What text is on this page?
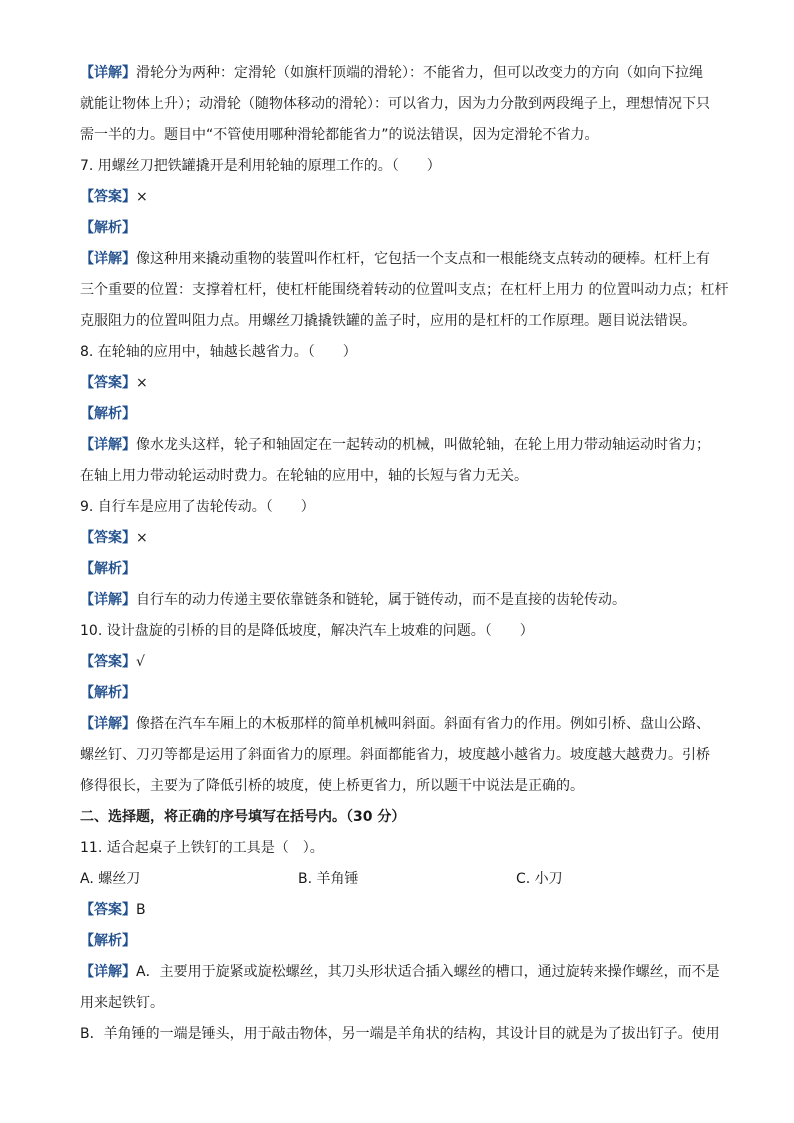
【详解】滑轮分为两种：定滑轮（如旗杆顶端的滑轮）：不能省力，但可以改变力的方向（如向下拉绳
就能让物体上升）；动滑轮（随物体移动的滑轮）：可以省力，因为力分散到两段绳子上，理想情况下只
需一半的力。题目中“不管使用哪种滑轮都能省力”的说法错误，因为定滑轮不省力。
7. 用螺丝刀把铁罐撬开是利用轮轴的原理工作的。（　　）
【答案】×
【解析】
【详解】像这种用来撬动重物的装置叫作杠杆，它包括一个支点和一根能绕支点转动的硬棒。杠杆上有
三个重要的位置：支撑着杠杆，使杠杆能围绕着转动的位置叫支点；在杠杆上用力 的位置叫动力点；杠杆
克服阻力的位置叫阻力点。用螺丝刀撬撬铁罐的盖子时，应用的是杠杆的工作原理。题目说法错误。
8. 在轮轴的应用中，轴越长越省力。（　　）
【答案】×
【解析】
【详解】像水龙头这样，轮子和轴固定在一起转动的机械，叫做轮轴，在轮上用力带动轴运动时省力；
在轴上用力带动轮运动时费力。在轮轴的应用中，轴的长短与省力无关。
9. 自行车是应用了齿轮传动。（　　）
【答案】×
【解析】
【详解】自行车的动力传递主要依靠链条和链轮，属于链传动，而不是直接的齿轮传动。
10. 设计盘旋的引桥的目的是降低坡度，解决汽车上坡难的问题。（　　）
【答案】√
【解析】
【详解】像搭在汽车车厢上的木板那样的简单机械叫斜面。斜面有省力的作用。例如引桥、盘山公路、
螺丝钉、刀刃等都是运用了斜面省力的原理。斜面都能省力，坡度越小越省力。坡度越大越费力。引桥
修得很长，主要为了降低引桥的坡度，使上桥更省力，所以题干中说法是正确的。
二、选择题，将正确的序号填写在括号内。（30 分）
11. 适合起桌子上铁钉的工具是（　）。
A. 螺丝刀	B. 羊角锤	C. 小刀
【答案】B
【解析】
【详解】A．主要用于旋紧或旋松螺丝，其刀头形状适合插入螺丝的槽口，通过旋转来操作螺丝，而不是
用来起铁钉。
B．羊角锤的一端是锤头，用于敲击物体，另一端是羊角状的结构，其设计目的就是为了拔出钉子。使用
